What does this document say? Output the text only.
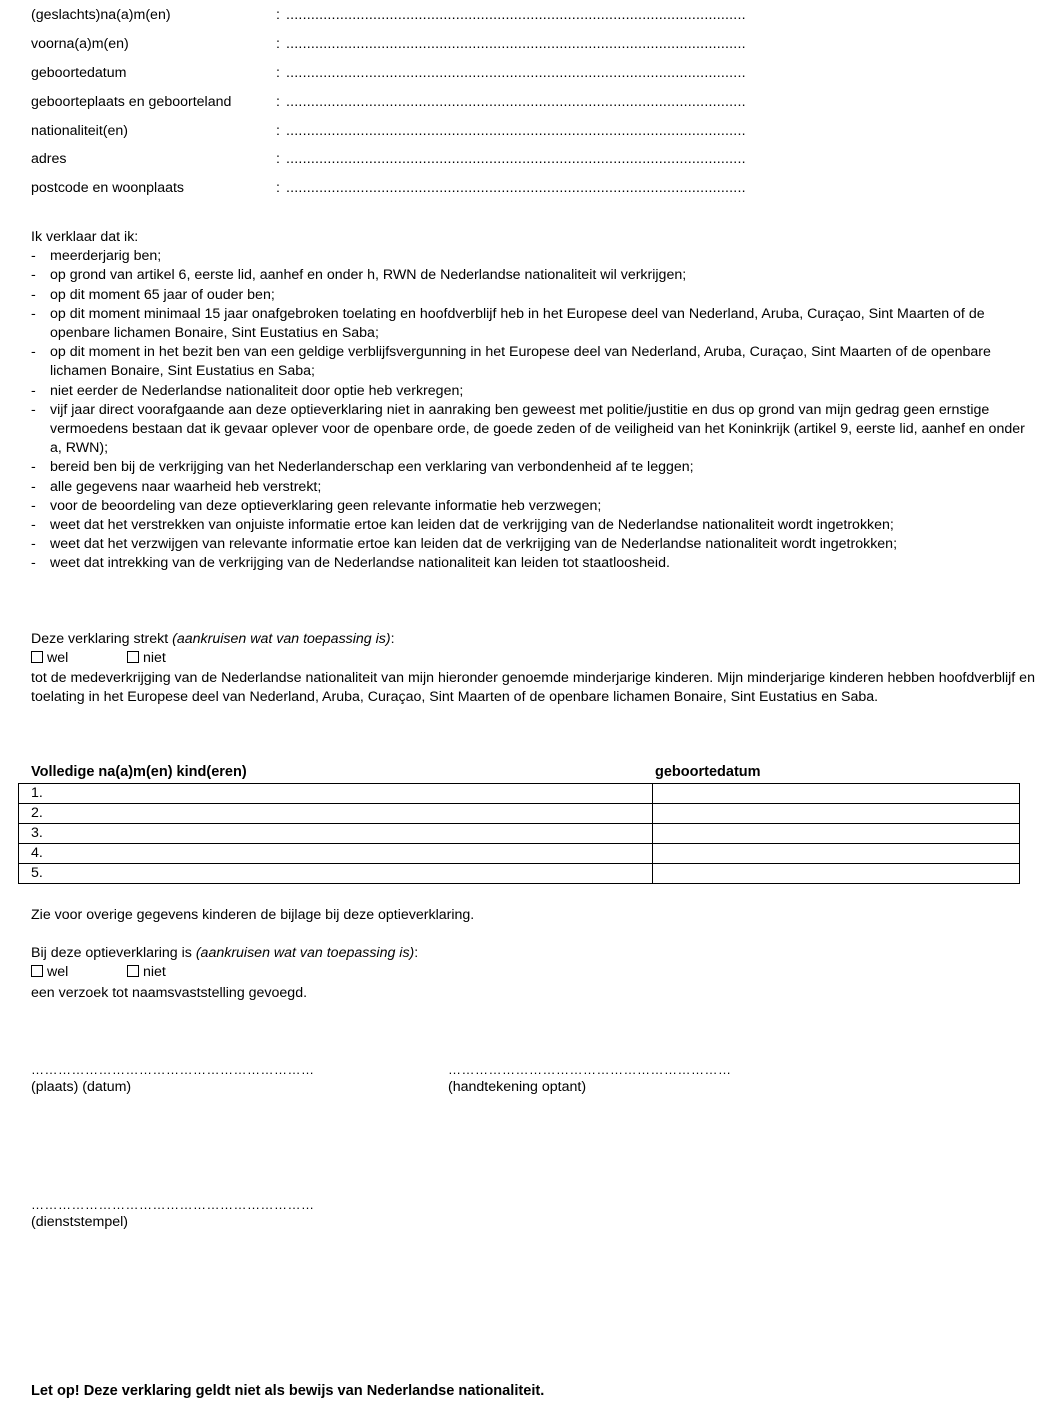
(geslachts)na(a)m(en)	: ...............................................................................................................
voorna(a)m(en)	: ...............................................................................................................
geboortedatum	: ...............................................................................................................
geboorteplaats en geboorteland	: ...............................................................................................................
nationaliteit(en)	: ...............................................................................................................
adres	: ...............................................................................................................
postcode en woonplaats	: ...............................................................................................................
Ik verklaar dat ik:
- meerderjarig ben;
- op grond van artikel 6, eerste lid, aanhef en onder h, RWN de Nederlandse nationaliteit wil verkrijgen;
- op dit moment 65 jaar of ouder ben;
- op dit moment minimaal 15 jaar onafgebroken toelating en hoofdverblijf heb in het Europese deel van Nederland, Aruba, Curaçao, Sint Maarten of de openbare lichamen Bonaire, Sint Eustatius en Saba;
- op dit moment in het bezit ben van een geldige verblijfsvergunning in het Europese deel van Nederland, Aruba, Curaçao, Sint Maarten of de openbare lichamen Bonaire, Sint Eustatius en Saba;
- niet eerder de Nederlandse nationaliteit door optie heb verkregen;
- vijf jaar direct voorafgaande aan deze optieverklaring niet in aanraking ben geweest met politie/justitie en dus op grond van mijn gedrag geen ernstige vermoedens bestaan dat ik gevaar oplever voor de openbare orde, de goede zeden of de veiligheid van het Koninkrijk (artikel 9, eerste lid, aanhef en onder a, RWN);
- bereid ben bij de verkrijging van het Nederlanderschap een verklaring van verbondenheid af te leggen;
- alle gegevens naar waarheid heb verstrekt;
- voor de beoordeling van deze optieverklaring geen relevante informatie heb verzwegen;
- weet dat het verstrekken van onjuiste informatie ertoe kan leiden dat de verkrijging van de Nederlandse nationaliteit wordt ingetrokken;
- weet dat het verzwijgen van relevante informatie ertoe kan leiden dat de verkrijging van de Nederlandse nationaliteit wordt ingetrokken;
- weet dat intrekking van de verkrijging van de Nederlandse nationaliteit kan leiden tot staatloosheid.
Deze verklaring strekt (aankruisen wat van toepassing is):
wel	niet
tot de medeverkrijging van de Nederlandse nationaliteit van mijn hieronder genoemde minderjarige kinderen. Mijn minderjarige kinderen hebben hoofdverblijf en toelating in het Europese deel van Nederland, Aruba, Curaçao, Sint Maarten of de openbare lichamen Bonaire, Sint Eustatius en Saba.
Volledige na(a)m(en) kind(eren)	geboortedatum
1.	
2.	
3.	
4.	
5.	
Zie voor overige gegevens kinderen de bijlage bij deze optieverklaring.
Bij deze optieverklaring is (aankruisen wat van toepassing is):
wel	niet
een verzoek tot naamsvaststelling gevoegd.
………………………………………………………
(plaats) (datum)
………………………………………………………
(handtekening optant)
………………………………………………………
(dienststempel)
Let op! Deze verklaring geldt niet als bewijs van Nederlandse nationaliteit.
